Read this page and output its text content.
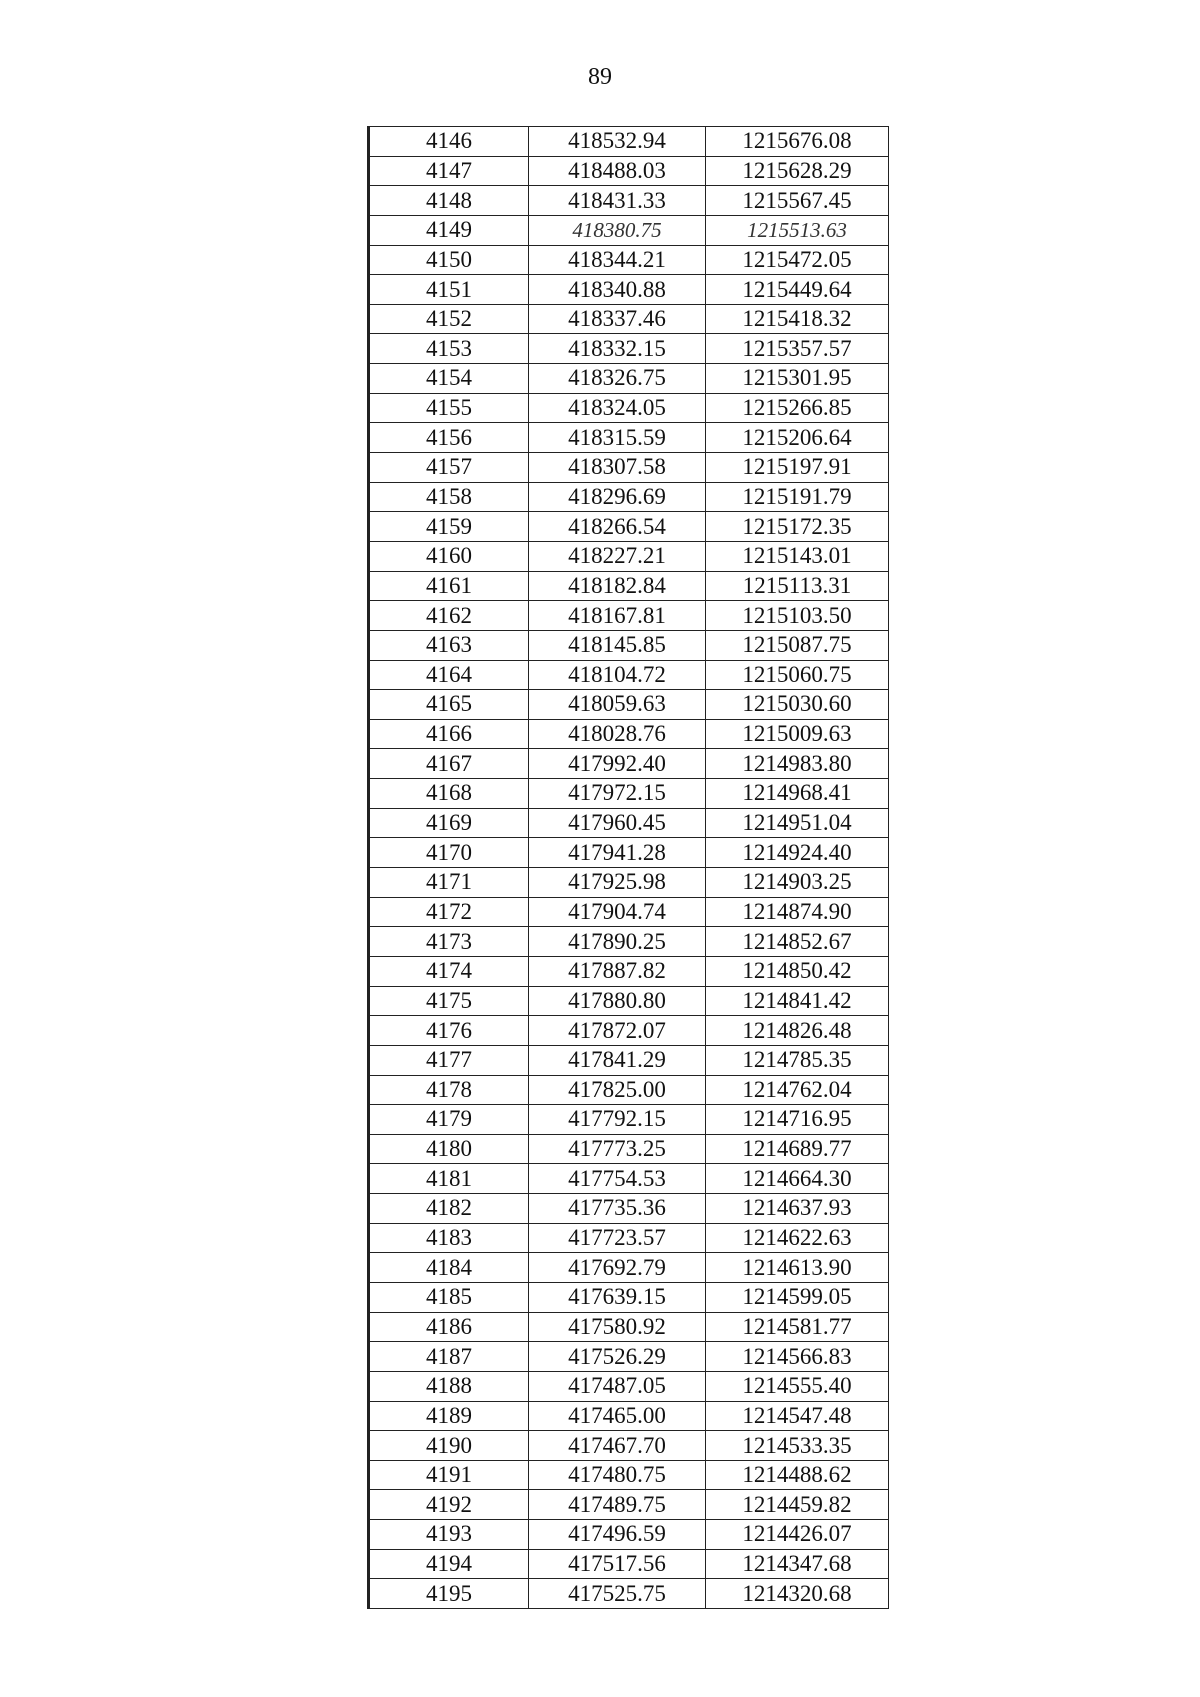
89
4146	418532.94	1215676.08
4147	418488.03	1215628.29
4148	418431.33	1215567.45
4149	418380.75	1215513.63
4150	418344.21	1215472.05
4151	418340.88	1215449.64
4152	418337.46	1215418.32
4153	418332.15	1215357.57
4154	418326.75	1215301.95
4155	418324.05	1215266.85
4156	418315.59	1215206.64
4157	418307.58	1215197.91
4158	418296.69	1215191.79
4159	418266.54	1215172.35
4160	418227.21	1215143.01
4161	418182.84	1215113.31
4162	418167.81	1215103.50
4163	418145.85	1215087.75
4164	418104.72	1215060.75
4165	418059.63	1215030.60
4166	418028.76	1215009.63
4167	417992.40	1214983.80
4168	417972.15	1214968.41
4169	417960.45	1214951.04
4170	417941.28	1214924.40
4171	417925.98	1214903.25
4172	417904.74	1214874.90
4173	417890.25	1214852.67
4174	417887.82	1214850.42
4175	417880.80	1214841.42
4176	417872.07	1214826.48
4177	417841.29	1214785.35
4178	417825.00	1214762.04
4179	417792.15	1214716.95
4180	417773.25	1214689.77
4181	417754.53	1214664.30
4182	417735.36	1214637.93
4183	417723.57	1214622.63
4184	417692.79	1214613.90
4185	417639.15	1214599.05
4186	417580.92	1214581.77
4187	417526.29	1214566.83
4188	417487.05	1214555.40
4189	417465.00	1214547.48
4190	417467.70	1214533.35
4191	417480.75	1214488.62
4192	417489.75	1214459.82
4193	417496.59	1214426.07
4194	417517.56	1214347.68
4195	417525.75	1214320.68
